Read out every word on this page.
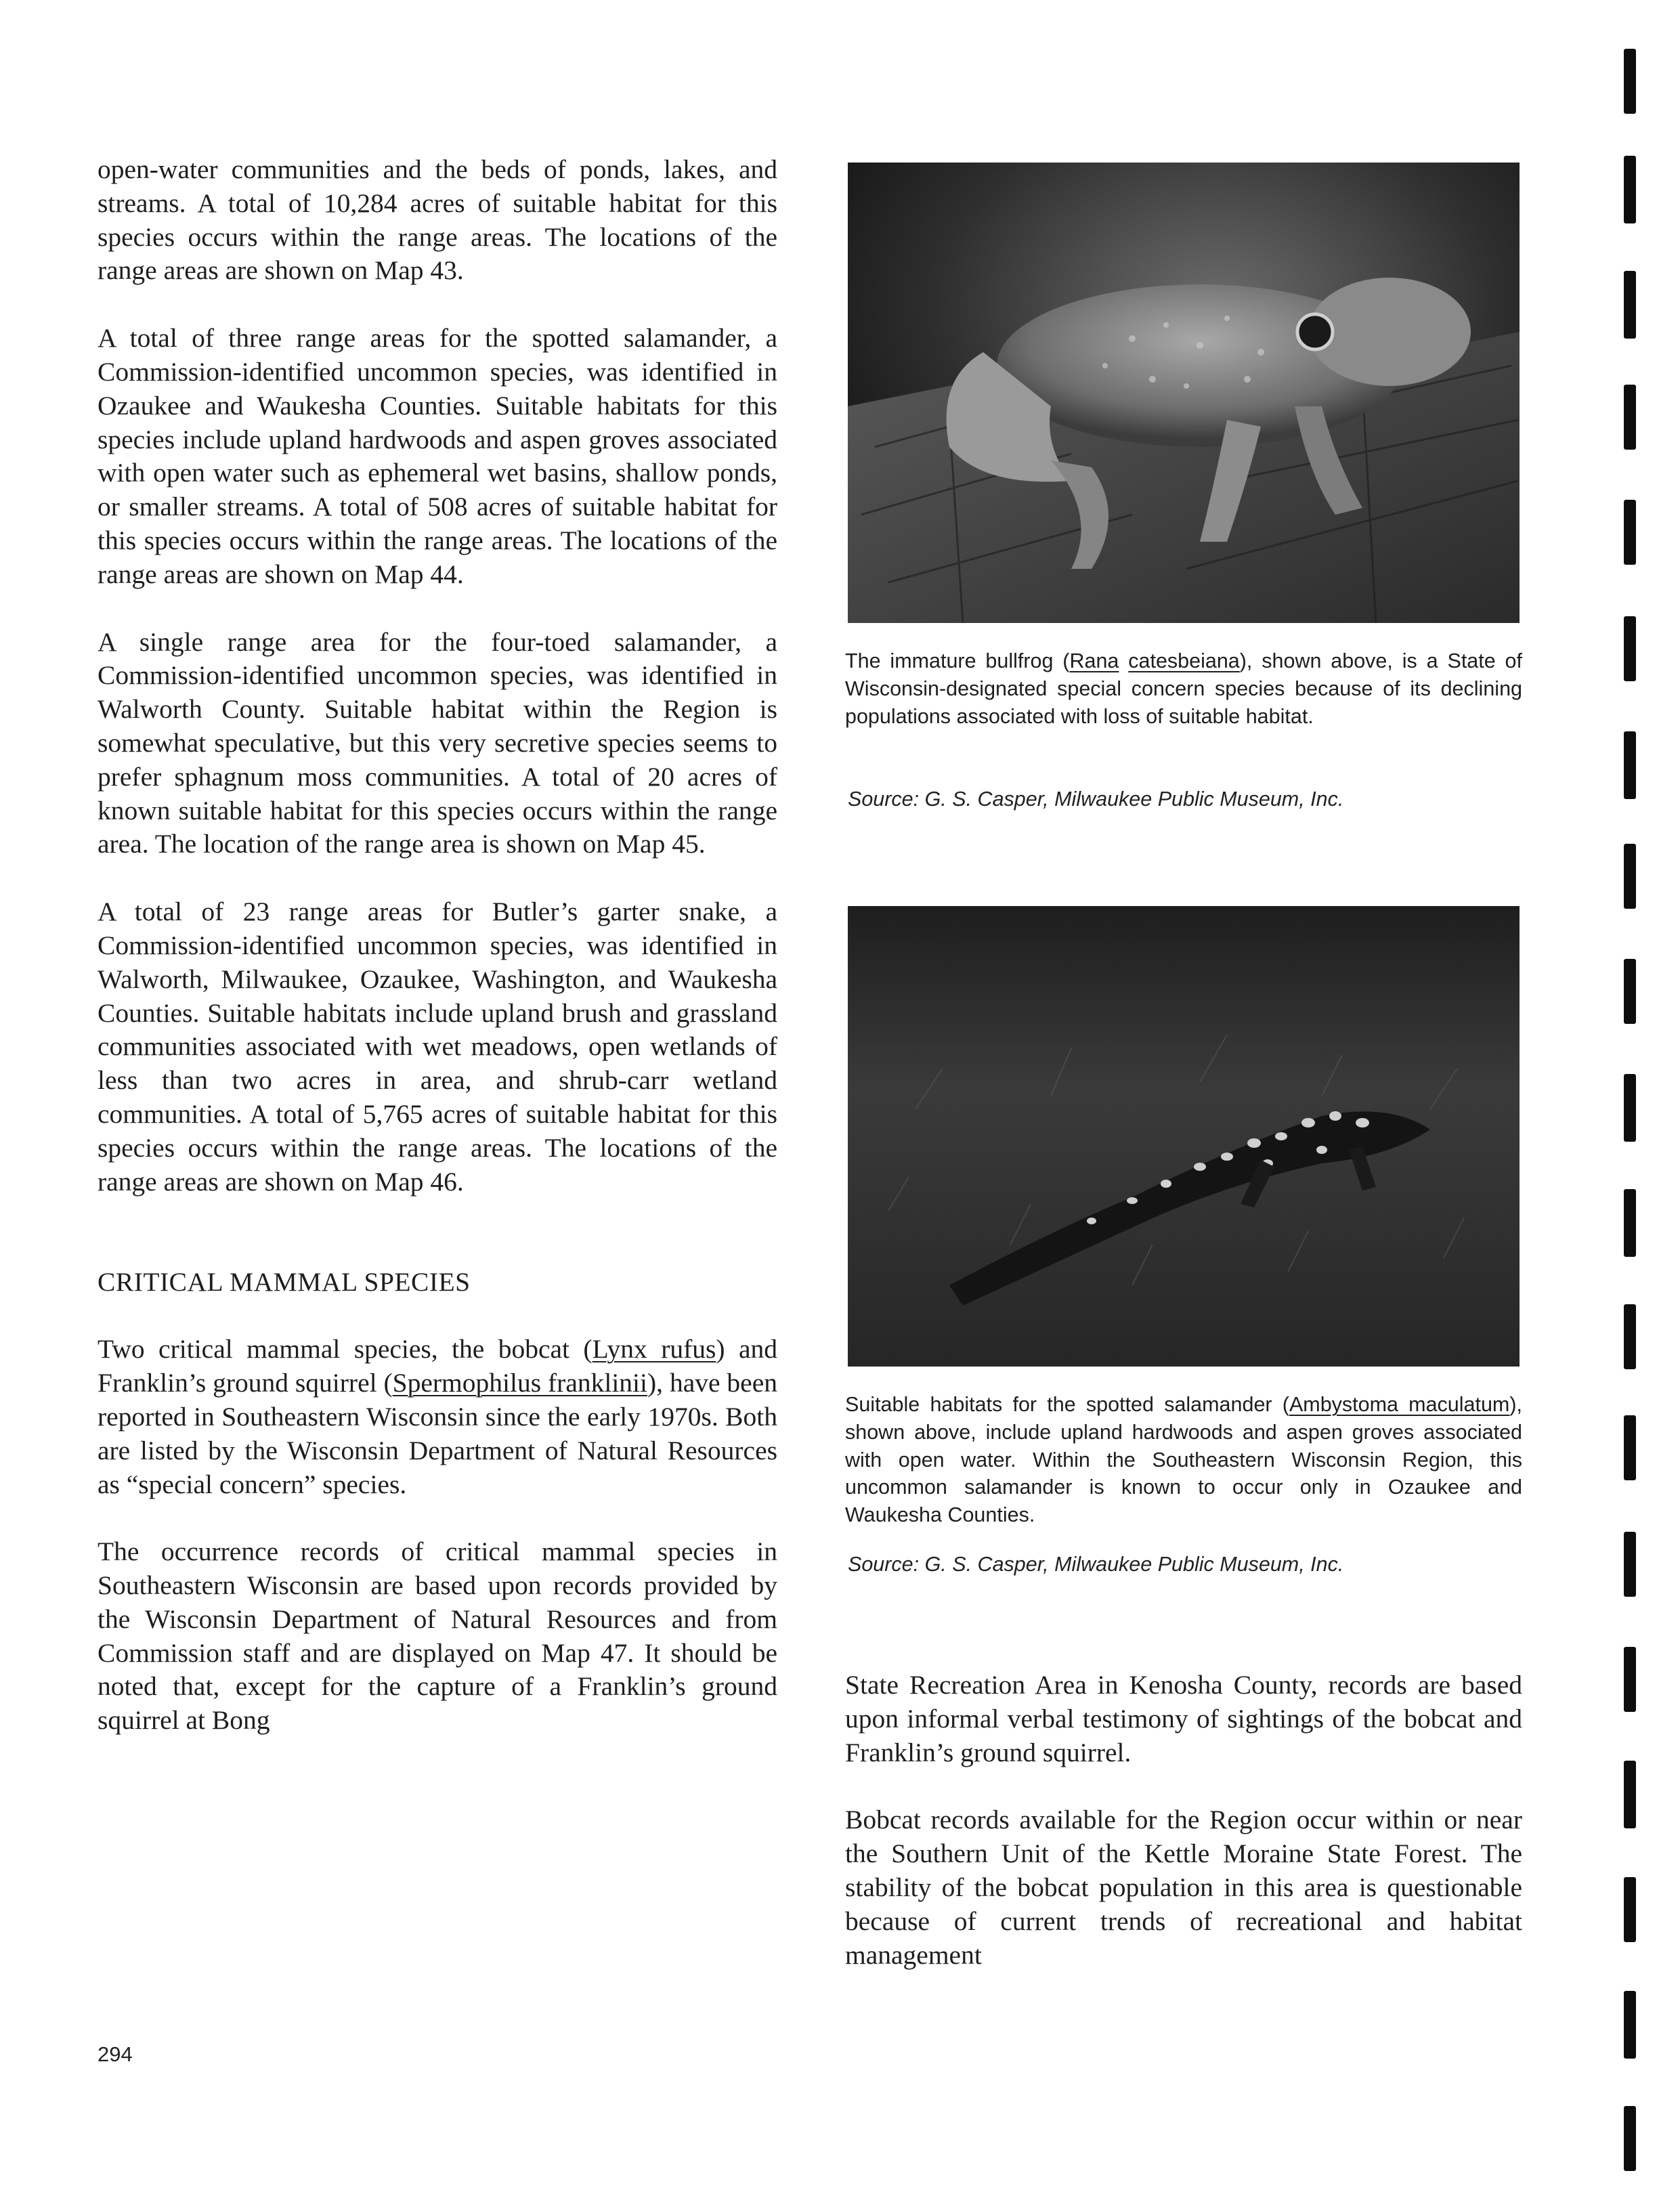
open-water communities and the beds of ponds, lakes, and streams. A total of 10,284 acres of suitable habitat for this species occurs within the range areas. The locations of the range areas are shown on Map 43.

A total of three range areas for the spotted salamander, a Commission-identified uncommon species, was identified in Ozaukee and Waukesha Counties. Suitable habitats for this species include upland hardwoods and aspen groves associated with open water such as ephemeral wet basins, shallow ponds, or smaller streams. A total of 508 acres of suitable habitat for this species occurs within the range areas. The locations of the range areas are shown on Map 44.

A single range area for the four-toed salamander, a Commission-identified uncommon species, was identified in Walworth County. Suitable habitat within the Region is somewhat speculative, but this very secretive species seems to prefer sphagnum moss communities. A total of 20 acres of known suitable habitat for this species occurs within the range area. The location of the range area is shown on Map 45.

A total of 23 range areas for Butler’s garter snake, a Commission-identified uncommon species, was identified in Walworth, Milwaukee, Ozaukee, Washington, and Waukesha Counties. Suitable habitats include upland brush and grassland communities associated with wet meadows, open wetlands of less than two acres in area, and shrub-carr wetland communities. A total of 5,765 acres of suitable habitat for this species occurs within the range areas. The locations of the range areas are shown on Map 46.

CRITICAL MAMMAL SPECIES

Two critical mammal species, the bobcat (Lynx rufus) and Franklin’s ground squirrel (Spermophilus franklinii), have been reported in Southeastern Wisconsin since the early 1970s. Both are listed by the Wisconsin Department of Natural Resources as “special concern” species.

The occurrence records of critical mammal species in Southeastern Wisconsin are based upon records provided by the Wisconsin Department of Natural Resources and from Commission staff and are displayed on Map 47. It should be noted that, except for the capture of a Franklin’s ground squirrel at Bong

The immature bullfrog (Rana catesbeiana), shown above, is a State of Wisconsin-designated special concern species because of its declining populations associated with loss of suitable habitat.

Source: G. S. Casper, Milwaukee Public Museum, Inc.

Suitable habitats for the spotted salamander (Ambystoma maculatum), shown above, include upland hardwoods and aspen groves associated with open water. Within the Southeastern Wisconsin Region, this uncommon salamander is known to occur only in Ozaukee and Waukesha Counties.

Source: G. S. Casper, Milwaukee Public Museum, Inc.

State Recreation Area in Kenosha County, records are based upon informal verbal testimony of sightings of the bobcat and Franklin’s ground squirrel.

Bobcat records available for the Region occur within or near the Southern Unit of the Kettle Moraine State Forest. The stability of the bobcat population in this area is questionable because of current trends of recreational and habitat management

294
